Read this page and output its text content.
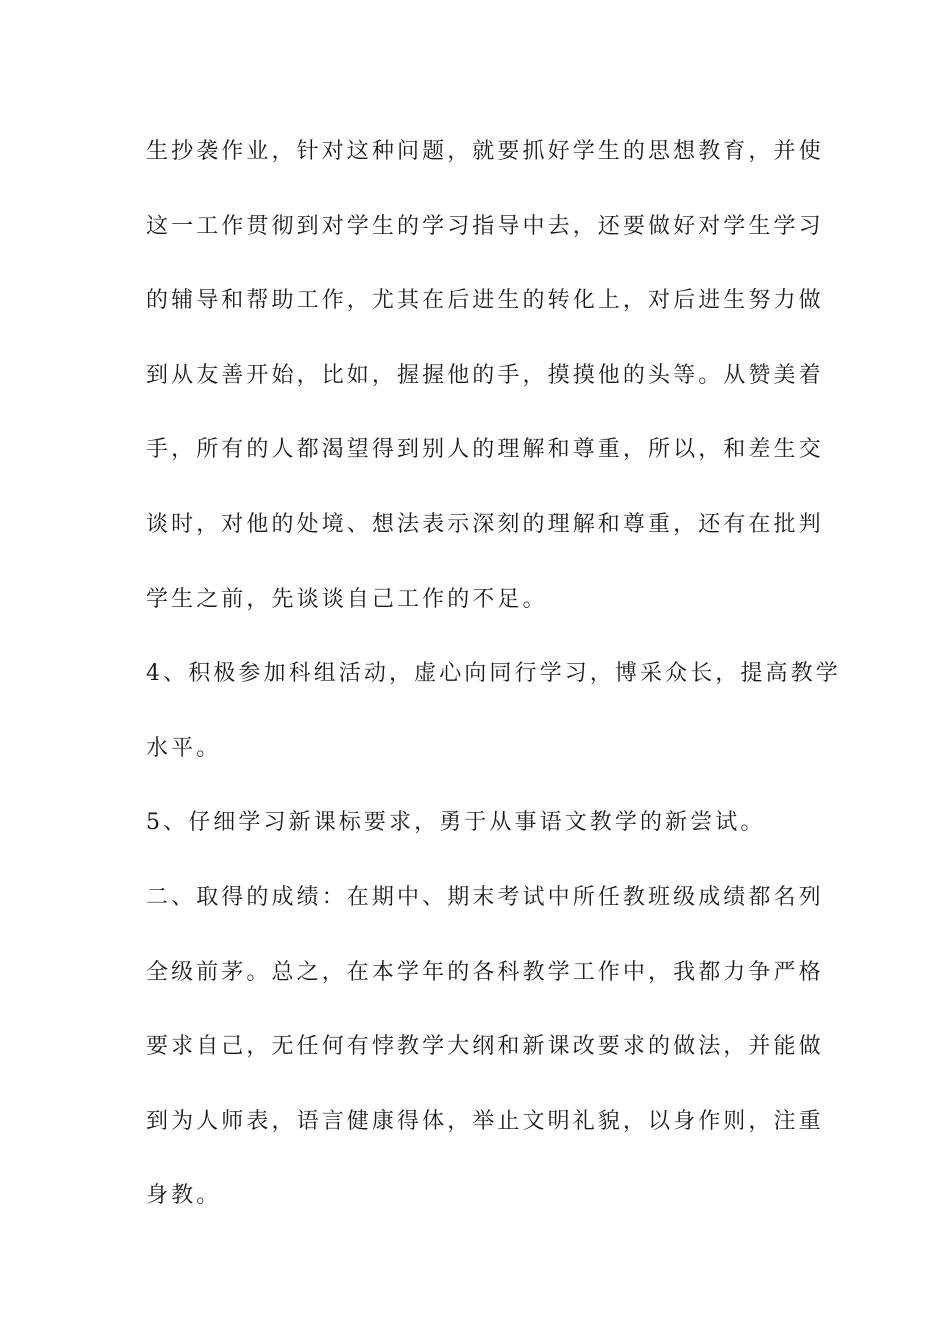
生抄袭作业，针对这种问题，就要抓好学生的思想教育，并使
这一工作贯彻到对学生的学习指导中去，还要做好对学生学习
的辅导和帮助工作，尤其在后进生的转化上，对后进生努力做
到从友善开始，比如，握握他的手，摸摸他的头等。从赞美着
手，所有的人都渴望得到别人的理解和尊重，所以，和差生交
谈时，对他的处境、想法表示深刻的理解和尊重，还有在批判
学生之前，先谈谈自己工作的不足。
4、积极参加科组活动，虚心向同行学习，博采众长，提高教学
水平。
5、仔细学习新课标要求，勇于从事语文教学的新尝试。
二、取得的成绩：在期中、期末考试中所任教班级成绩都名列
全级前茅。总之，在本学年的各科教学工作中，我都力争严格
要求自己，无任何有悖教学大纲和新课改要求的做法，并能做
到为人师表，语言健康得体，举止文明礼貌，以身作则，注重
身教。
